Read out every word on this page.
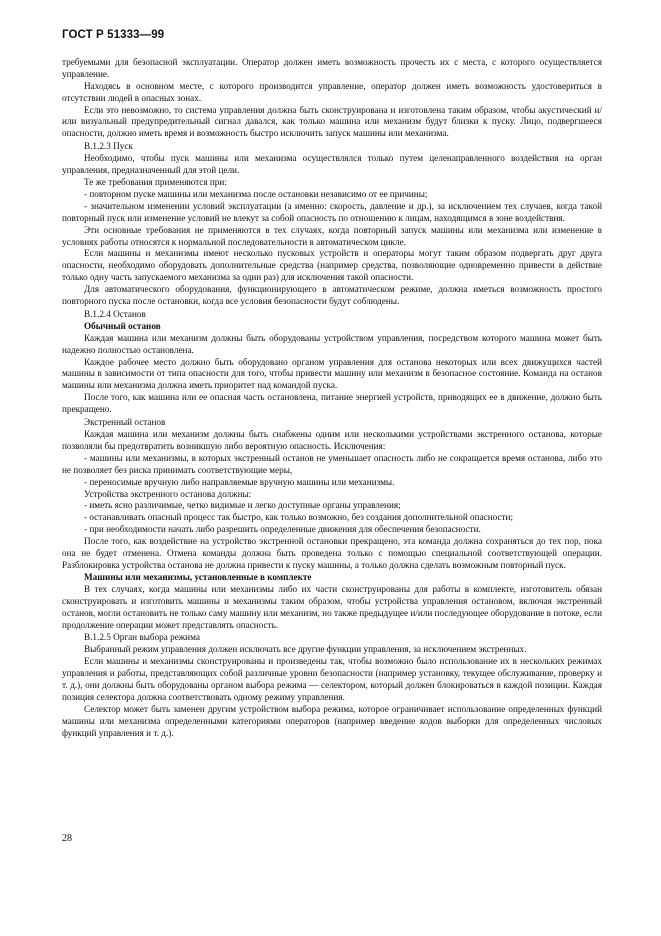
ГОСТ Р 51333—99

требуемыми для безопасной эксплуатации. Оператор должен иметь возможность прочесть их с места, с которого осуществляется управление.

Находясь в основном месте, с которого производится управление, оператор должен иметь возможность удостовериться в отсутствии людей в опасных зонах.

Если это невозможно, то система управления должна быть сконструирована и изготовлена таким образом, чтобы акустический и/или визуальный предупредительный сигнал давался, как только машина или механизм будут близки к пуску. Лицо, подвергшееся опасности, должно иметь время и возможность быстро исключить запуск машины или механизма.

B.1.2.3 Пуск

Необходимо, чтобы пуск машины или механизма осуществлялся только путем целенаправленного воздействия на орган управления, предназначенный для этой цели.

Те же требования применяются при:

- повторном пуске машины или механизма после остановки независимо от ее причины;

- значительном изменении условий эксплуатации (а именно: скорость, давление и др.), за исключением тех случаев, когда такой повторный пуск или изменение условий не влекут за собой опасность по отношению к лицам, находящимся в зоне воздействия.

Эти основные требования не применяются в тех случаях, когда повторный запуск машины или механизма или изменение в условиях работы относятся к нормальной последовательности в автоматическом цикле.

Если машины и механизмы имеют несколько пусковых устройств и операторы могут таким образом подвергать друг друга опасности, необходимо оборудовать дополнительные средства (например средства, позволяющие одновременно привести в действие только одну часть запускаемого механизма за один раз) для исключения такой опасности.

Для автоматического оборудования, функционирующего в автоматическом режиме, должна иметься возможность простого повторного пуска после остановки, когда все условия безопасности будут соблюдены.

B.1.2.4 Останов

Обычный останов

Каждая машина или механизм должны быть оборудованы устройством управления, посредством которого машина может быть надежно полностью остановлена.

Каждое рабочее место должно быть оборудовано органом управления для останова некоторых или всех движущихся частей машины в зависимости от типа опасности для того, чтобы привести машину или механизм в безопасное состояние. Команда на останов машины или механизма должна иметь приоритет над командой пуска.

После того, как машина или ее опасная часть остановлена, питание энергией устройств, приводящих ее в движение, должно быть прекращено.

Экстренный останов

Каждая машина или механизм должны быть снабжены одним или несколькими устройствами экстренного останова, которые позволяли бы предотвратить возникшую либо вероятную опасность. Исключения:

- машины или механизмы, в которых экстренный останов не уменьшает опасность либо не сокращается время останова, либо это не позволяет без риска принимать соответствующие меры,

- переносимые вручную либо направляемые вручную машины или механизмы.

Устройства экстренного останова должны:

- иметь ясно различимые, четко видимые и легко доступные органы управления;

- останавливать опасный процесс так быстро, как только возможно, без создания дополнительной опасности;

- при необходимости начать либо разрешить определенные движения для обеспечения безопасности.

После того, как воздействие на устройство экстренной остановки прекращено, эта команда должна сохраняться до тех пор, пока она не будет отменена. Отмена команды должна быть проведена только с помощью специальной соответствующей операции. Разблокировка устройства останова не должна привести к пуску машины, а только должна сделать возможным повторный пуск.

Машины или механизмы, установленные в комплекте

В тех случаях, когда машины или механизмы либо их части сконструированы для работы в комплекте, изготовитель обязан сконструировать и изготовить машины и механизмы таким образом, чтобы устройства управления остановом, включая экстренный останов, могли остановить не только саму машину или механизм, но также предыдущее и/или последующее оборудование в потоке, если продолжение операции может представлять опасность.

B.1.2.5 Орган выбора режима

Выбранный режим управления должен исключать все другие функции управления, за исключением экстренных.

Если машины и механизмы сконструированы и произведены так, чтобы возможно было использование их в нескольких режимах управления и работы, представляющих собой различные уровни безопасности (например установку, текущее обслуживание, проверку и т. д.), они должны быть оборудованы органом выбора режима — селектором, который должен блокироваться в каждой позиции. Каждая позиция селектора должна соответствовать одному режиму управления.

Селектор может быть заменен другим устройством выбора режима, которое ограничивает использование определенных функций машины или механизма определенными категориями операторов (например введение кодов выборки для определенных числовых функций управления и т. д.).

28
